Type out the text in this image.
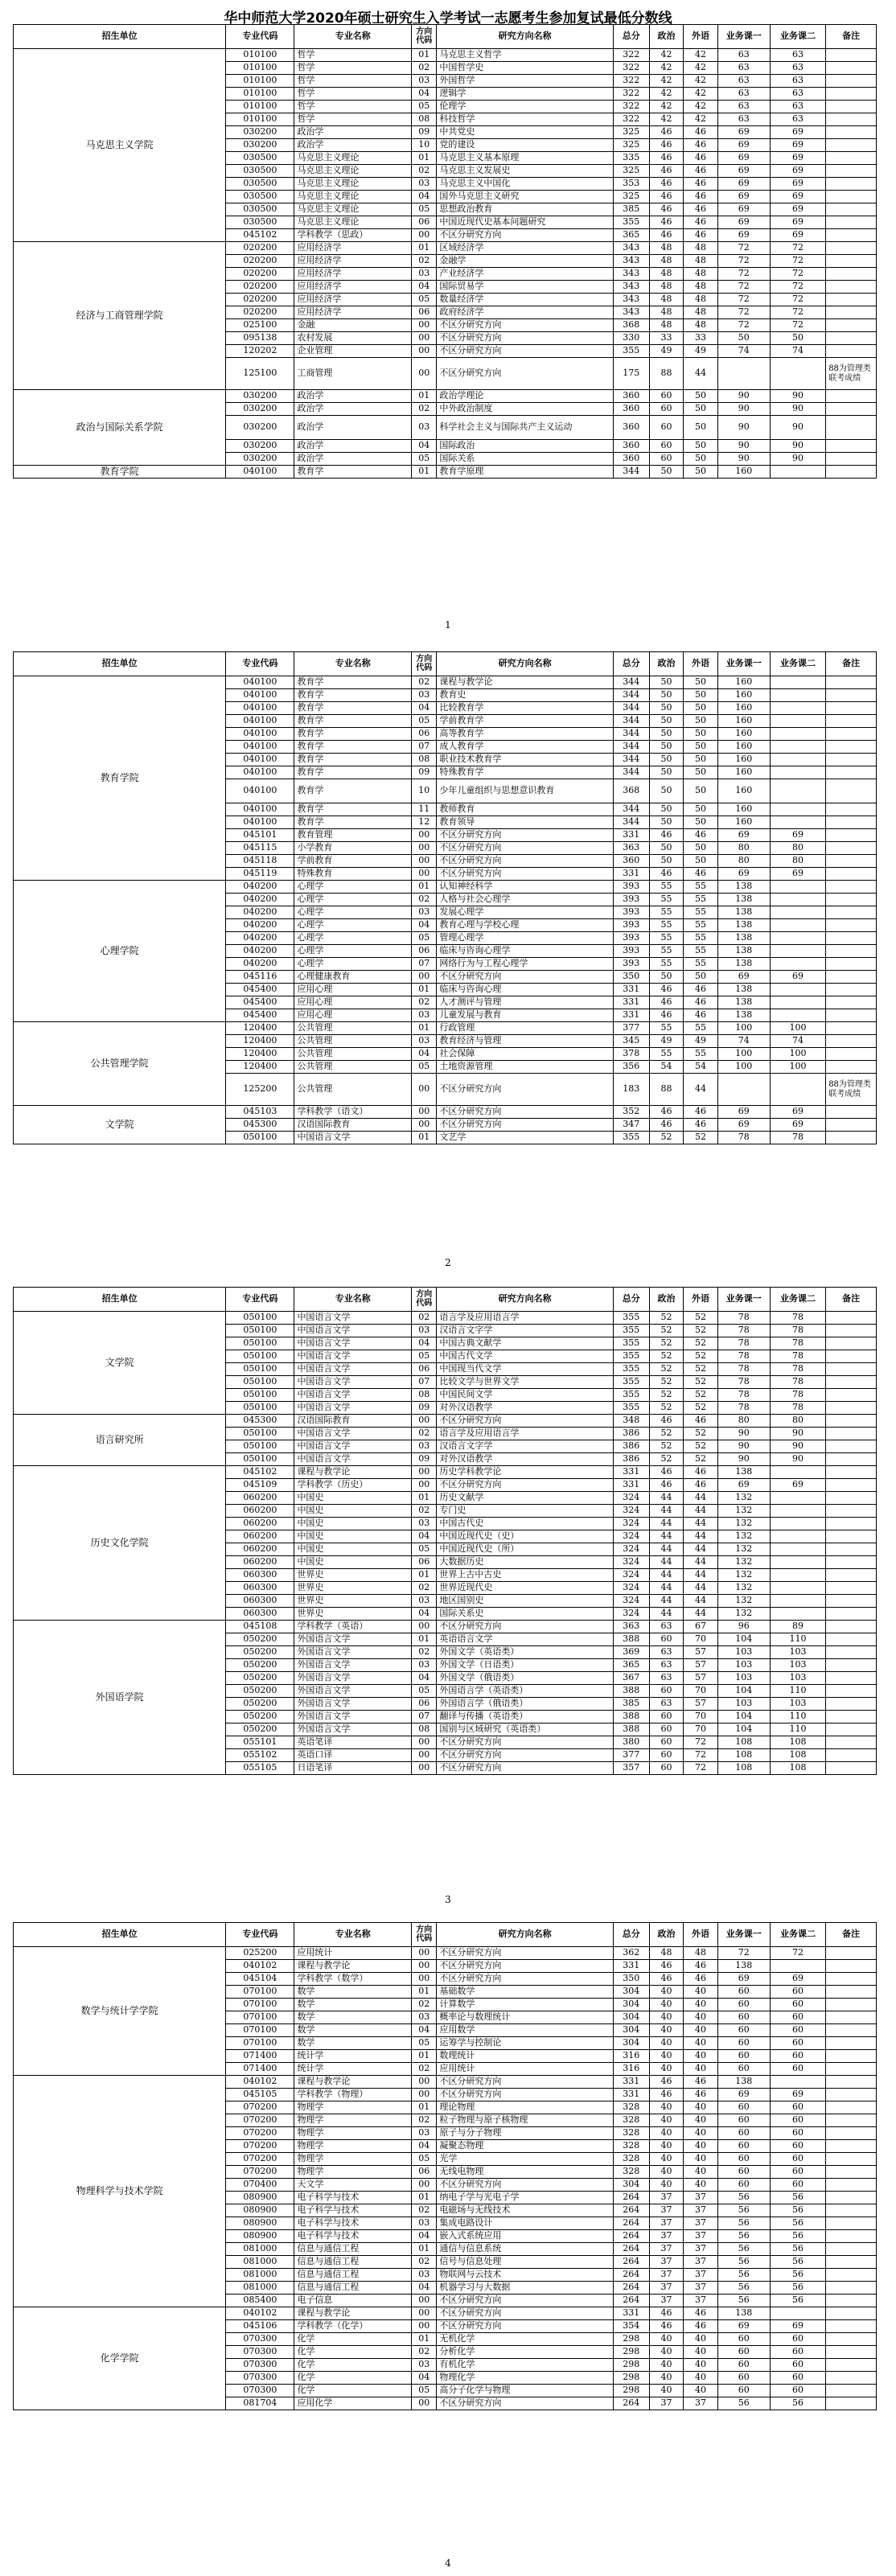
华中师范大学2020年硕士研究生入学考试一志愿考生参加复试最低分数线
招生单位	专业代码	专业名称	方向代码	研究方向名称	总分	政治	外语	业务课一	业务课二	备注
马克思主义学院	010100	哲学	01	马克思主义哲学	322	42	42	63	63	
	010100	哲学	02	中国哲学史	322	42	42	63	63	
	010100	哲学	03	外国哲学	322	42	42	63	63	
	010100	哲学	04	逻辑学	322	42	42	63	63	
	010100	哲学	05	伦理学	322	42	42	63	63	
	010100	哲学	08	科技哲学	322	42	42	63	63	
	030200	政治学	09	中共党史	325	46	46	69	69	
	030200	政治学	10	党的建设	325	46	46	69	69	
	030500	马克思主义理论	01	马克思主义基本原理	335	46	46	69	69	
	030500	马克思主义理论	02	马克思主义发展史	325	46	46	69	69	
	030500	马克思主义理论	03	马克思主义中国化	353	46	46	69	69	
	030500	马克思主义理论	04	国外马克思主义研究	325	46	46	69	69	
	030500	马克思主义理论	05	思想政治教育	385	46	46	69	69	
	030500	马克思主义理论	06	中国近现代史基本问题研究	355	46	46	69	69	
	045102	学科教学（思政）	00	不区分研究方向	365	46	46	69	69	
经济与工商管理学院	020200	应用经济学	01	区域经济学	343	48	48	72	72	
	020200	应用经济学	02	金融学	343	48	48	72	72	
	020200	应用经济学	03	产业经济学	343	48	48	72	72	
	020200	应用经济学	04	国际贸易学	343	48	48	72	72	
	020200	应用经济学	05	数量经济学	343	48	48	72	72	
	020200	应用经济学	06	政府经济学	343	48	48	72	72	
	025100	金融	00	不区分研究方向	368	48	48	72	72	
	095138	农村发展	00	不区分研究方向	330	33	33	50	50	
	120202	企业管理	00	不区分研究方向	355	49	49	74	74	
	125100	工商管理	00	不区分研究方向	175	88	44			88为管理类联考成绩
政治与国际关系学院	030200	政治学	01	政治学理论	360	60	50	90	90	
	030200	政治学	02	中外政治制度	360	60	50	90	90	
	030200	政治学	03	科学社会主义与国际共产主义运动	360	60	50	90	90	
	030200	政治学	04	国际政治	360	60	50	90	90	
	030200	政治学	05	国际关系	360	60	50	90	90	
教育学院	040100	教育学	01	教育学原理	344	50	50	160		
1
招生单位	专业代码	专业名称	方向代码	研究方向名称	总分	政治	外语	业务课一	业务课二	备注
教育学院	040100	教育学	02	课程与教学论	344	50	50	160		
	040100	教育学	03	教育史	344	50	50	160		
	040100	教育学	04	比较教育学	344	50	50	160		
	040100	教育学	05	学前教育学	344	50	50	160		
	040100	教育学	06	高等教育学	344	50	50	160		
	040100	教育学	07	成人教育学	344	50	50	160		
	040100	教育学	08	职业技术教育学	344	50	50	160		
	040100	教育学	09	特殊教育学	344	50	50	160		
	040100	教育学	10	少年儿童组织与思想意识教育	368	50	50	160		
	040100	教育学	11	教师教育	344	50	50	160		
	040100	教育学	12	教育领导	344	50	50	160		
	045101	教育管理	00	不区分研究方向	331	46	46	69	69	
	045115	小学教育	00	不区分研究方向	363	50	50	80	80	
	045118	学前教育	00	不区分研究方向	360	50	50	80	80	
	045119	特殊教育	00	不区分研究方向	331	46	46	69	69	
心理学院	040200	心理学	01	认知神经科学	393	55	55	138		
	040200	心理学	02	人格与社会心理学	393	55	55	138		
	040200	心理学	03	发展心理学	393	55	55	138		
	040200	心理学	04	教育心理与学校心理	393	55	55	138		
	040200	心理学	05	管理心理学	393	55	55	138		
	040200	心理学	06	临床与咨询心理学	393	55	55	138		
	040200	心理学	07	网络行为与工程心理学	393	55	55	138		
	045116	心理健康教育	00	不区分研究方向	350	50	50	69	69	
	045400	应用心理	01	临床与咨询心理	331	46	46	138		
	045400	应用心理	02	人才测评与管理	331	46	46	138		
	045400	应用心理	03	儿童发展与教育	331	46	46	138		
公共管理学院	120400	公共管理	01	行政管理	377	55	55	100	100	
	120400	公共管理	03	教育经济与管理	345	49	49	74	74	
	120400	公共管理	04	社会保障	378	55	55	100	100	
	120400	公共管理	05	土地资源管理	356	54	54	100	100	
	125200	公共管理	00	不区分研究方向	183	88	44			88为管理类联考成绩
文学院	045103	学科教学（语文）	00	不区分研究方向	352	46	46	69	69	
	045300	汉语国际教育	00	不区分研究方向	347	46	46	69	69	
	050100	中国语言文学	01	文艺学	355	52	52	78	78	
2
招生单位	专业代码	专业名称	方向代码	研究方向名称	总分	政治	外语	业务课一	业务课二	备注
文学院	050100	中国语言文学	02	语言学及应用语言学	355	52	52	78	78	
	050100	中国语言文学	03	汉语言文字学	355	52	52	78	78	
	050100	中国语言文学	04	中国古典文献学	355	52	52	78	78	
	050100	中国语言文学	05	中国古代文学	355	52	52	78	78	
	050100	中国语言文学	06	中国现当代文学	355	52	52	78	78	
	050100	中国语言文学	07	比较文学与世界文学	355	52	52	78	78	
	050100	中国语言文学	08	中国民间文学	355	52	52	78	78	
	050100	中国语言文学	09	对外汉语教学	355	52	52	78	78	
语言研究所	045300	汉语国际教育	00	不区分研究方向	348	46	46	80	80	
	050100	中国语言文学	02	语言学及应用语言学	386	52	52	90	90	
	050100	中国语言文学	03	汉语言文字学	386	52	52	90	90	
	050100	中国语言文学	09	对外汉语教学	386	52	52	90	90	
历史文化学院	045102	课程与教学论	00	历史学科教学论	331	46	46	138		
	045109	学科教学（历史）	00	不区分研究方向	331	46	46	69	69	
	060200	中国史	01	历史文献学	324	44	44	132		
	060200	中国史	02	专门史	324	44	44	132		
	060200	中国史	03	中国古代史	324	44	44	132		
	060200	中国史	04	中国近现代史（史）	324	44	44	132		
	060200	中国史	05	中国近现代史（所）	324	44	44	132		
	060200	中国史	06	大数据历史	324	44	44	132		
	060300	世界史	01	世界上古中古史	324	44	44	132		
	060300	世界史	02	世界近现代史	324	44	44	132		
	060300	世界史	03	地区国别史	324	44	44	132		
	060300	世界史	04	国际关系史	324	44	44	132		
外国语学院	045108	学科教学（英语）	00	不区分研究方向	363	63	67	96	89	
	050200	外国语言文学	01	英语语言文学	388	60	70	104	110	
	050200	外国语言文学	02	外国文学（英语类）	369	63	57	103	103	
	050200	外国语言文学	03	外国文学（日语类）	365	63	57	103	103	
	050200	外国语言文学	04	外国文学（俄语类）	367	63	57	103	103	
	050200	外国语言文学	05	外国语言学（英语类）	388	60	70	104	110	
	050200	外国语言文学	06	外国语言学（俄语类）	385	63	57	103	103	
	050200	外国语言文学	07	翻译与传播（英语类）	388	60	70	104	110	
	050200	外国语言文学	08	国别与区域研究（英语类）	388	60	70	104	110	
	055101	英语笔译	00	不区分研究方向	380	60	72	108	108	
	055102	英语口译	00	不区分研究方向	377	60	72	108	108	
	055105	日语笔译	00	不区分研究方向	357	60	72	108	108	
3
招生单位	专业代码	专业名称	方向代码	研究方向名称	总分	政治	外语	业务课一	业务课二	备注
数学与统计学学院	025200	应用统计	00	不区分研究方向	362	48	48	72	72	
	040102	课程与教学论	00	不区分研究方向	331	46	46	138		
	045104	学科教学（数学）	00	不区分研究方向	350	46	46	69	69	
	070100	数学	01	基础数学	304	40	40	60	60	
	070100	数学	02	计算数学	304	40	40	60	60	
	070100	数学	03	概率论与数理统计	304	40	40	60	60	
	070100	数学	04	应用数学	304	40	40	60	60	
	070100	数学	05	运筹学与控制论	304	40	40	60	60	
	071400	统计学	01	数理统计	316	40	40	60	60	
	071400	统计学	02	应用统计	316	40	40	60	60	
物理科学与技术学院	040102	课程与教学论	00	不区分研究方向	331	46	46	138		
	045105	学科教学（物理）	00	不区分研究方向	331	46	46	69	69	
	070200	物理学	01	理论物理	328	40	40	60	60	
	070200	物理学	02	粒子物理与原子核物理	328	40	40	60	60	
	070200	物理学	03	原子与分子物理	328	40	40	60	60	
	070200	物理学	04	凝聚态物理	328	40	40	60	60	
	070200	物理学	05	光学	328	40	40	60	60	
	070200	物理学	06	无线电物理	328	40	40	60	60	
	070400	天文学	00	不区分研究方向	304	40	40	60	60	
	080900	电子科学与技术	01	纳电子学与光电子学	264	37	37	56	56	
	080900	电子科学与技术	02	电磁场与无线技术	264	37	37	56	56	
	080900	电子科学与技术	03	集成电路设计	264	37	37	56	56	
	080900	电子科学与技术	04	嵌入式系统应用	264	37	37	56	56	
	081000	信息与通信工程	01	通信与信息系统	264	37	37	56	56	
	081000	信息与通信工程	02	信号与信息处理	264	37	37	56	56	
	081000	信息与通信工程	03	物联网与云技术	264	37	37	56	56	
	081000	信息与通信工程	04	机器学习与大数据	264	37	37	56	56	
	085400	电子信息	00	不区分研究方向	264	37	37	56	56	
化学学院	040102	课程与教学论	00	不区分研究方向	331	46	46	138		
	045106	学科教学（化学）	00	不区分研究方向	354	46	46	69	69	
	070300	化学	01	无机化学	298	40	40	60	60	
	070300	化学	02	分析化学	298	40	40	60	60	
	070300	化学	03	有机化学	298	40	40	60	60	
	070300	化学	04	物理化学	298	40	40	60	60	
	070300	化学	05	高分子化学与物理	298	40	40	60	60	
	081704	应用化学	00	不区分研究方向	264	37	37	56	56	
4
